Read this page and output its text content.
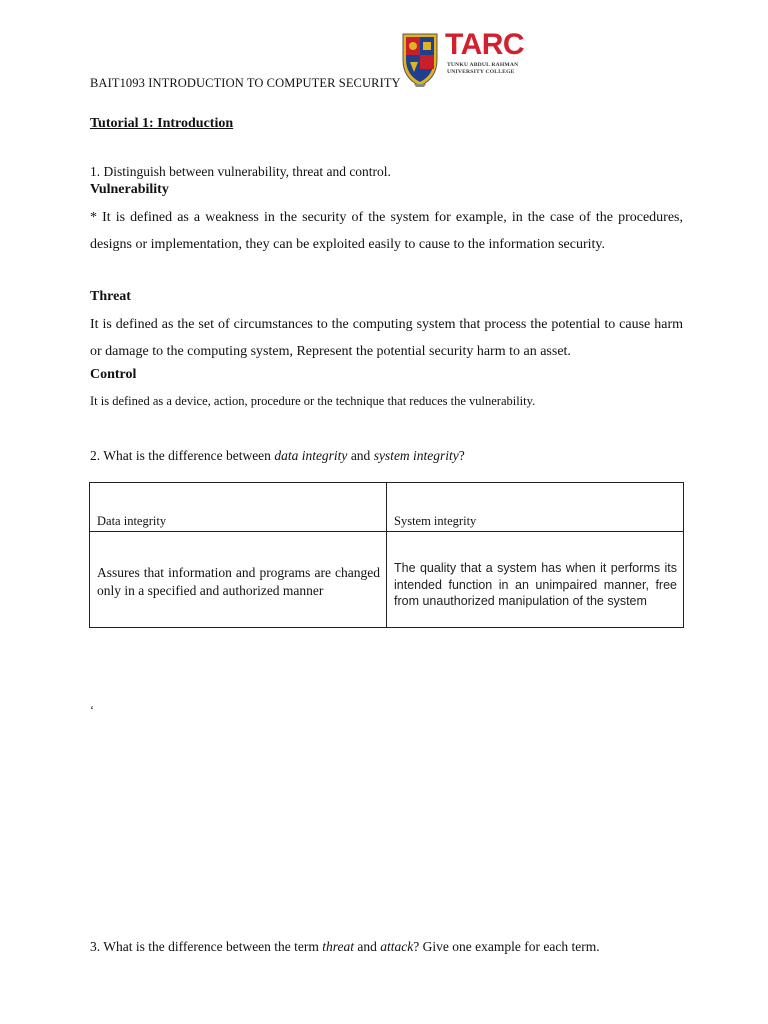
BAIT1093 INTRODUCTION TO COMPUTER SECURITY
TARC
TUNKU ABDUL RAHMAN
UNIVERSITY COLLEGE
Tutorial 1: Introduction
1. Distinguish between vulnerability, threat and control.
Vulnerability
* It is defined as a weakness in the security of the system for example, in the case of the procedures, designs or implementation, they can be exploited easily to cause to the information security.
Threat
It is defined as the set of circumstances to the computing system that process the potential to cause harm or damage to the computing system, Represent the potential security harm to an asset.
Control
It is defined as a device, action, procedure or the technique that reduces the vulnerability.
2. What is the difference between data integrity and system integrity?
Data integrity	System integrity
Assures that information and programs are changed only in a specified and authorized manner
The quality that a system has when it performs its intended function in an unimpaired manner, free from unauthorized manipulation of the system
‘
3. What is the difference between the term threat and attack? Give one example for each term.
